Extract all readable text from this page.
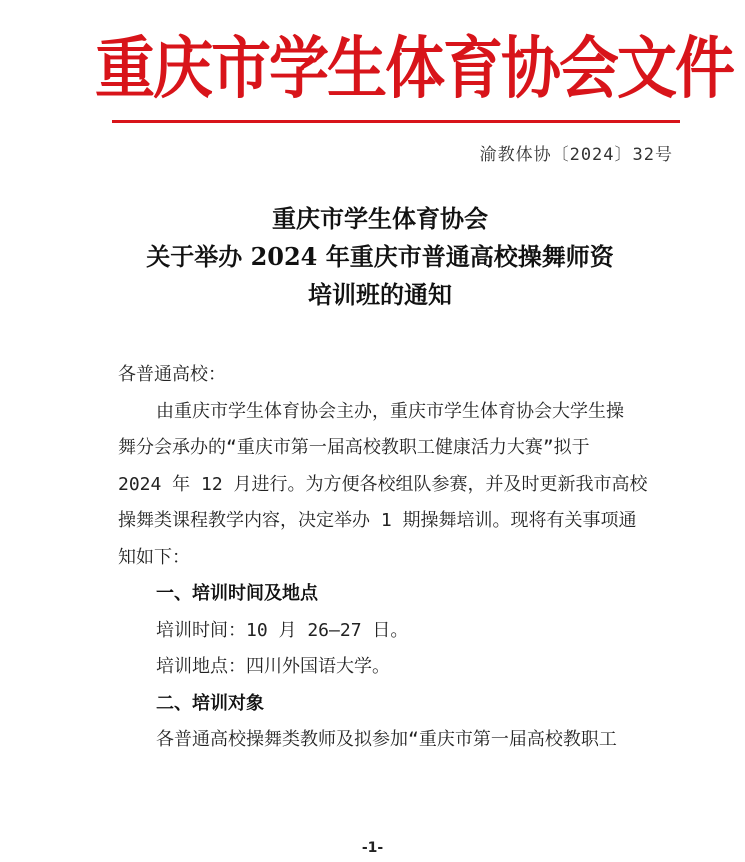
重庆市学生体育协会文件
渝教体协〔2024〕32号
重庆市学生体育协会
关于举办 2024 年重庆市普通高校操舞师资
培训班的通知

各普通高校：

由重庆市学生体育协会主办，重庆市学生体育协会大学生操
舞分会承办的“重庆市第一届高校教职工健康活力大赛”拟于
2024 年 12 月进行。为方便各校组队参赛，并及时更新我市高校
操舞类课程教学内容，决定举办 1 期操舞培训。现将有关事项通
知如下：
一、培训时间及地点
培训时间：10 月 26—27 日。
培训地点：四川外国语大学。
二、培训对象
各普通高校操舞类教师及拟参加“重庆市第一届高校教职工
-1-
